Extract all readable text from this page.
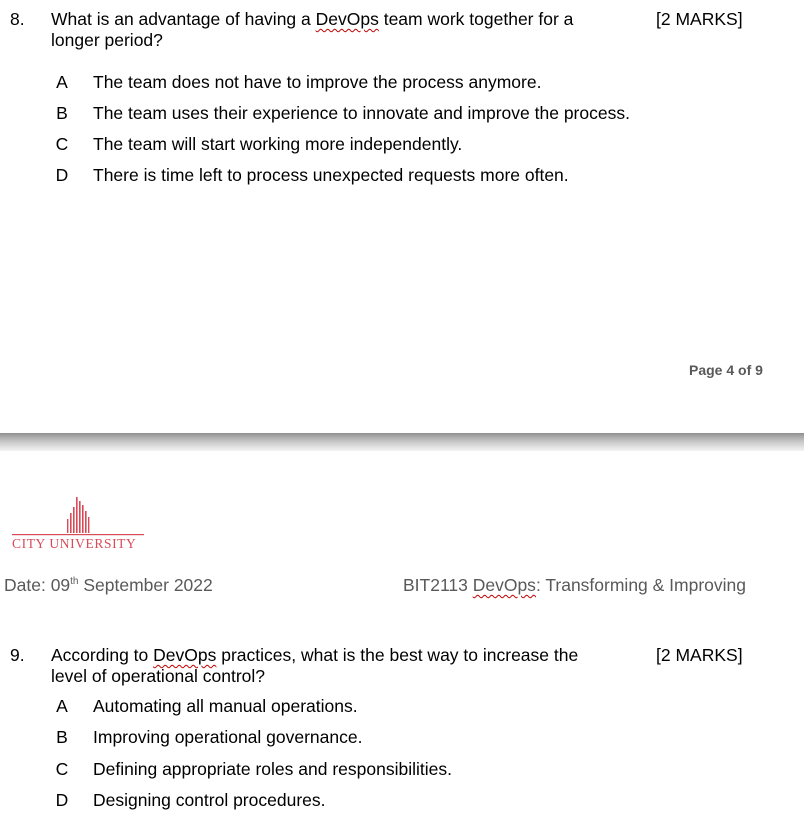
8. What is an advantage of having a DevOps team work together for a
longer period?
[2 MARKS]
A The team does not have to improve the process anymore.
B The team uses their experience to innovate and improve the process.
C The team will start working more independently.
D There is time left to process unexpected requests more often.
Page 4 of 9
CITY UNIVERSITY
Date: 09th September 2022	BIT2113 DevOps: Transforming & Improving
9. According to DevOps practices, what is the best way to increase the
level of operational control?
[2 MARKS]
A Automating all manual operations.
B Improving operational governance.
C Defining appropriate roles and responsibilities.
D Designing control procedures.
